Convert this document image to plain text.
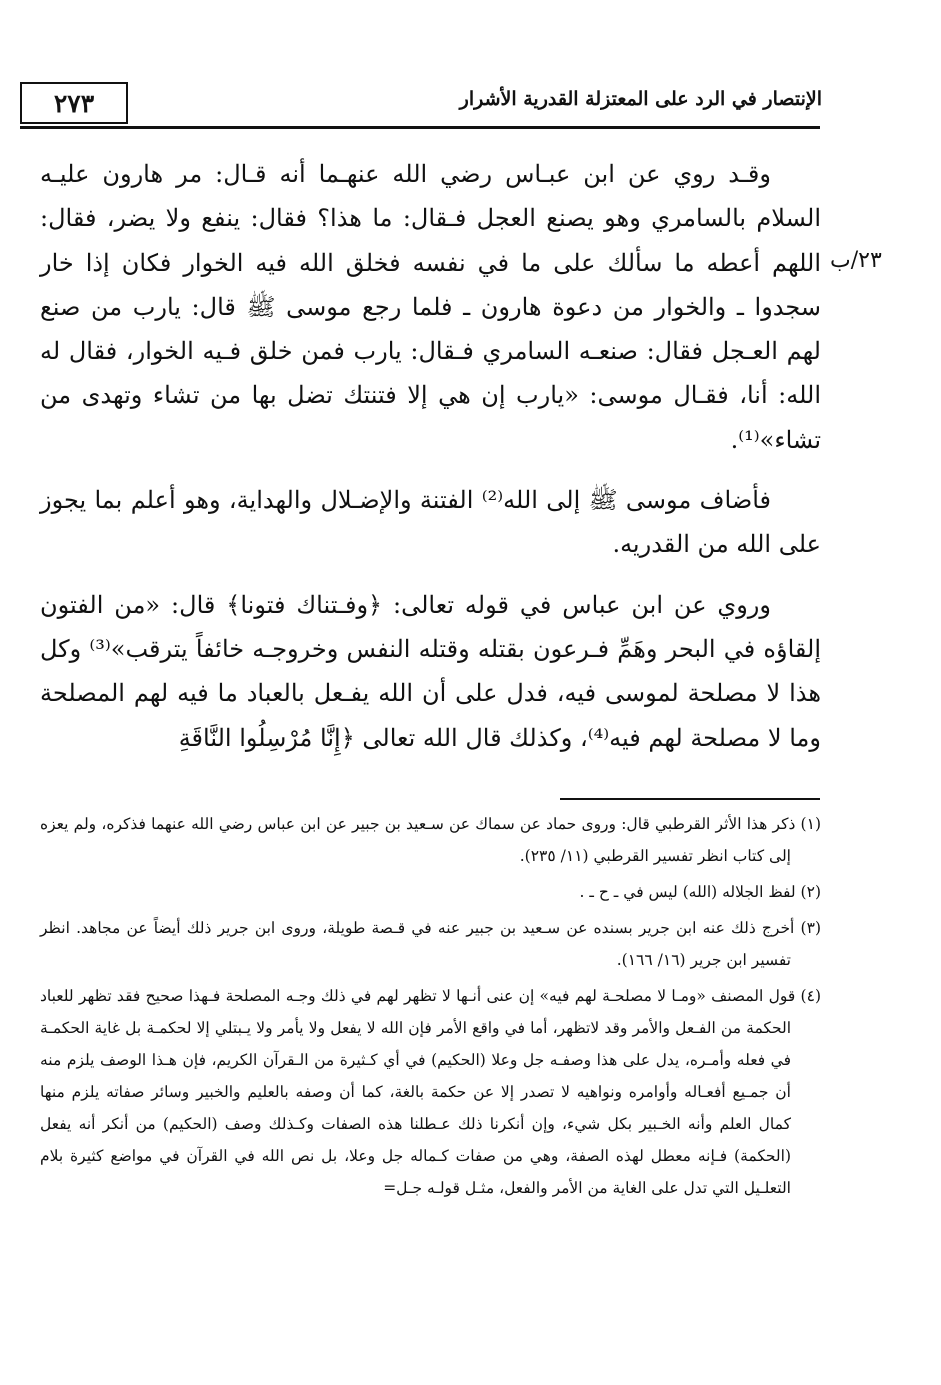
الإنتصار في الرد على المعتزلة القدرية الأشرار
٢٧٣
٢٣/ب

وقـد روي عن ابن عبـاس رضي الله عنهـما أنه قـال: مر هارون عليـه السلام بالسامري وهو يصنع العجل فـقال: ما هذا؟ فقال: ينفع ولا يضر، فقال: اللهم أعطه ما سألك على ما في نفسه فخلق الله فيه الخوار فكان إذا خار سجدوا ـ والخوار من دعوة هارون ـ فلما رجع موسى ﷺ قال: يارب من صنع لهم العـجل فقال: صنعـه السامري فـقال: يارب فمن خلق فـيه الخوار، فقال له الله: أنا، فقـال موسى: «يارب إن هي إلا فتنتك تضل بها من تشاء وتهدى من تشاء»⁽¹⁾.

فأضاف موسى ﷺ إلى الله⁽²⁾ الفتنة والإضـلال والهداية، وهو أعلم بما يجوز على الله من القدريه.

وروي عن ابن عباس في قوله تعالى: ﴿وفـتناك فتونا﴾ قال: «من الفتون إلقاؤه في البحر وهَمِّ فـرعون بقتله وقتله النفس وخروجـه خائفاً يترقب»⁽³⁾ وكل هذا لا مصلحة لموسى فيه، فدل على أن الله يفـعل بالعباد ما فيه لهم المصلحة وما لا مصلحة لهم فيه⁽⁴⁾، وكذلك قال الله تعالى ﴿إِنَّا مُرْسِلُوا النَّاقَةِ

(١) ذكر هذا الأثر القرطبي قال: وروى حماد عن سماك عن سـعيد بن جبير عن ابن عباس رضي الله عنهما فذكره، ولم يعزه إلى كتاب انظر تفسير القرطبي (١١/ ٢٣٥).

(٢) لفظ الجلاله (الله) ليس في ـ ح ـ .

(٣) أخرج ذلك عنه ابن جرير بسنده عن سـعيد بن جبير عنه في قـصة طويلة، وروى ابن جرير ذلك أيضاً عن مجاهد. انظر تفسير ابن جرير (١٦/ ١٦٦).

(٤) قول المصنف «ومـا لا مصلحـة لهم فيه» إن عنى أنـها لا تظهر لهم في ذلك وجـه المصلحة فـهذا صحيح فقد تظهر للعباد الحكمة من الفـعل والأمر وقد لاتظهر، أما في واقع الأمر فإن الله لا يفعل ولا يأمر ولا يـبتلي إلا لحكمـة بل غاية الحكمـة في فعله وأمـره، يدل على هذا وصفـه جل وعلا (الحكيم) في أي كـثيرة من الـقرآن الكريم، فإن هـذا الوصف يلزم منه أن جمـيع أفعـاله وأوامره ونواهيه لا تصدر إلا عن حكمة بالغة، كما أن وصفه بالعليم والخبير وسائر صفاته يلزم منها كمال العلم وأنه الخـبير بكل شيء، وإن أنكرنا ذلك عـطلنا هذه الصفات وكـذلك وصف (الحكيم) من أنكر أنه يفعل (الحكمة) فـإنه معطل لهذه الصفة، وهي من صفات كـماله جل وعلا، بل نص الله في القرآن في مواضع كثيرة بلام التعلـيل التي تدل على الغاية من الأمر والفعل، مثـل قولـه جـل=
